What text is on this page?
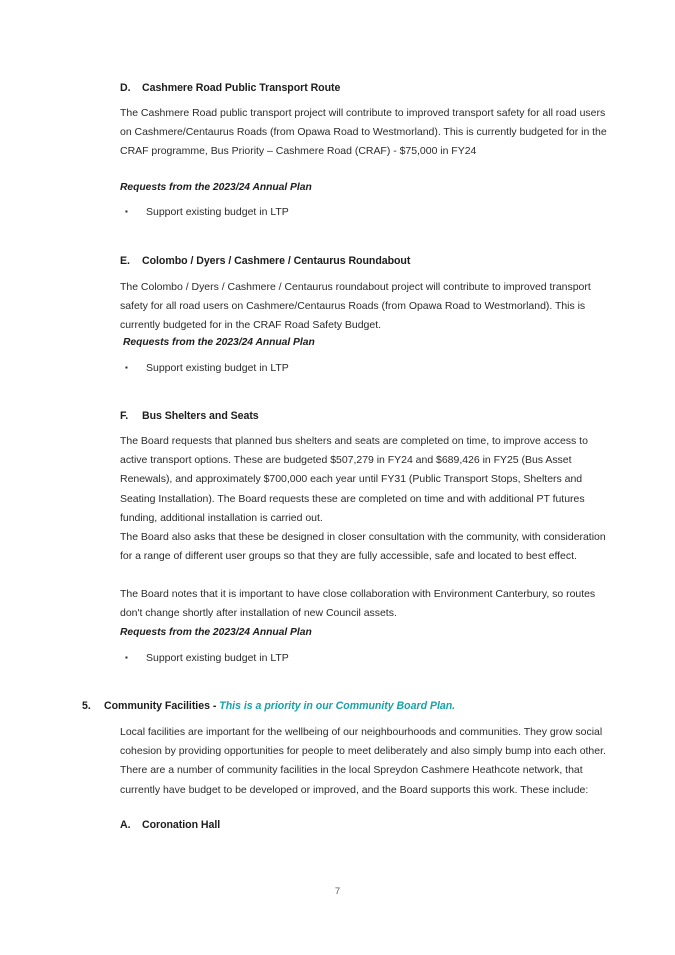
D. Cashmere Road Public Transport Route
The Cashmere Road public transport project will contribute to improved transport safety for all road users on Cashmere/Centaurus Roads (from Opawa Road to Westmorland). This is currently budgeted for in the CRAF programme, Bus Priority – Cashmere Road (CRAF) - $75,000 in FY24
Requests from the 2023/24 Annual Plan
▪ Support existing budget in LTP
E. Colombo / Dyers / Cashmere / Centaurus Roundabout
The Colombo / Dyers / Cashmere / Centaurus roundabout project will contribute to improved transport safety for all road users on Cashmere/Centaurus Roads (from Opawa Road to Westmorland). This is currently budgeted for in the CRAF Road Safety Budget.
Requests from the 2023/24 Annual Plan
▪ Support existing budget in LTP
F. Bus Shelters and Seats
The Board requests that planned bus shelters and seats are completed on time, to improve access to active transport options. These are budgeted $507,279 in FY24 and $689,426 in FY25 (Bus Asset Renewals), and approximately $700,000 each year until FY31 (Public Transport Stops, Shelters and Seating Installation). The Board requests these are completed on time and with additional PT futures funding, additional installation is carried out.
The Board also asks that these be designed in closer consultation with the community, with consideration for a range of different user groups so that they are fully accessible, safe and located to best effect.
The Board notes that it is important to have close collaboration with Environment Canterbury, so routes don't change shortly after installation of new Council assets.
Requests from the 2023/24 Annual Plan
▪ Support existing budget in LTP
5. Community Facilities - This is a priority in our Community Board Plan.
Local facilities are important for the wellbeing of our neighbourhoods and communities. They grow social cohesion by providing opportunities for people to meet deliberately and also simply bump into each other. There are a number of community facilities in the local Spreydon Cashmere Heathcote network, that currently have budget to be developed or improved, and the Board supports this work. These include:
A. Coronation Hall
7
